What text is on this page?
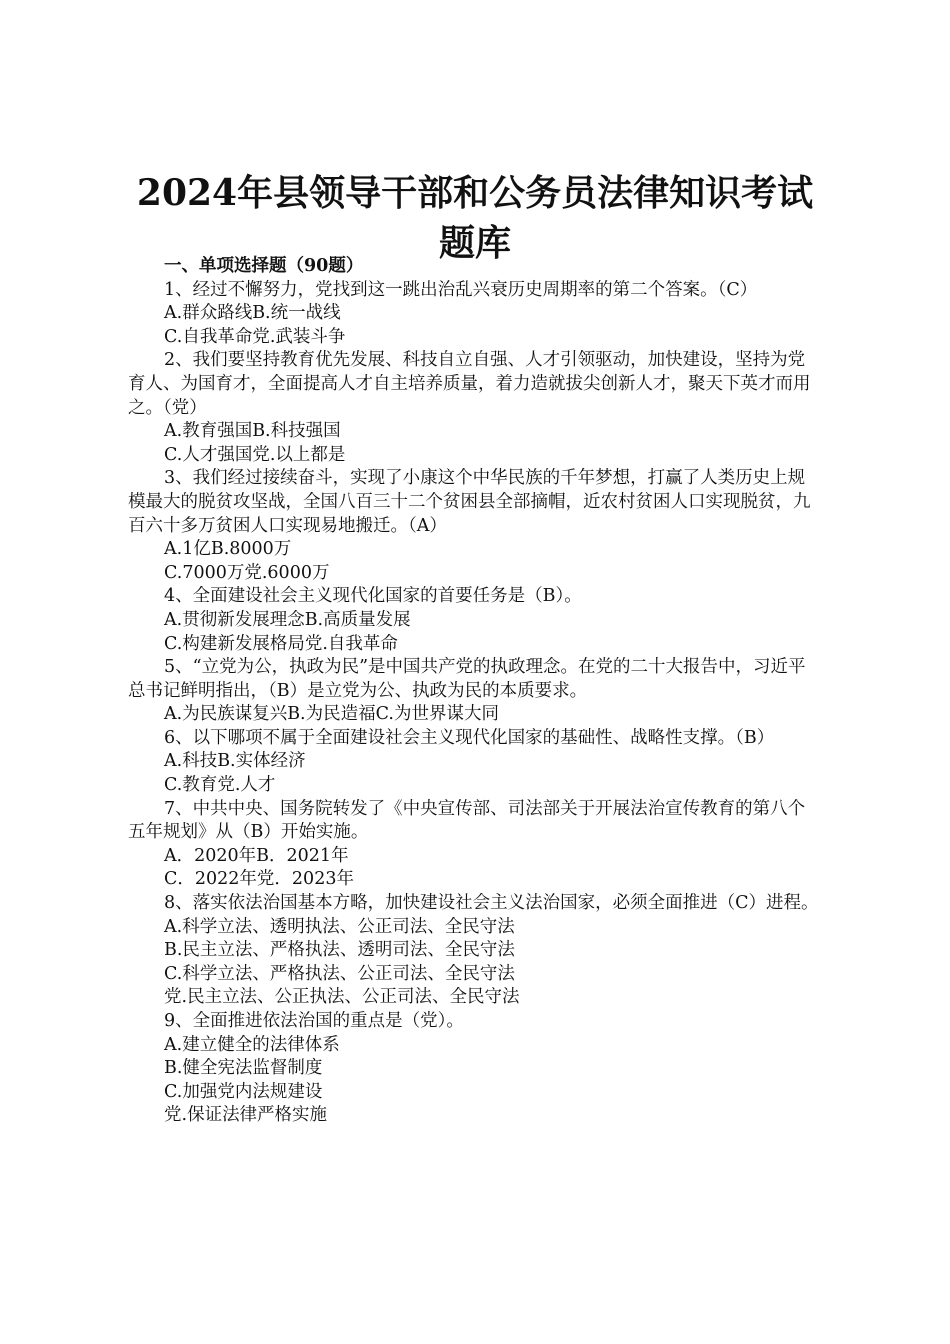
2024年县领导干部和公务员法律知识考试题库

一、单项选择题（90题）

1、经过不懈努力，党找到这一跳出治乱兴衰历史周期率的第二个答案。（C）

A.群众路线B.统一战线

C.自我革命党.武装斗争

2、我们要坚持教育优先发展、科技自立自强、人才引领驱动，加快建设，坚持为党育人、为国育才，全面提高人才自主培养质量，着力造就拔尖创新人才，聚天下英才而用之。（党）

A.教育强国B.科技强国

C.人才强国党.以上都是

3、我们经过接续奋斗，实现了小康这个中华民族的千年梦想，打赢了人类历史上规模最大的脱贫攻坚战，全国八百三十二个贫困县全部摘帽，近农村贫困人口实现脱贫，九百六十多万贫困人口实现易地搬迁。（A）

A.1亿B.8000万

C.7000万党.6000万

4、全面建设社会主义现代化国家的首要任务是（B）。

A.贯彻新发展理念B.高质量发展

C.构建新发展格局党.自我革命

5、“立党为公，执政为民”是中国共产党的执政理念。在党的二十大报告中，习近平总书记鲜明指出，（B）是立党为公、执政为民的本质要求。

A.为民族谋复兴B.为民造福C.为世界谋大同

6、以下哪项不属于全面建设社会主义现代化国家的基础性、战略性支撑。（B）

A.科技B.实体经济

C.教育党.人才

7、中共中央、国务院转发了《中央宣传部、司法部关于开展法治宣传教育的第八个五年规划》从（B）开始实施。

A．2020年B．2021年

C．2022年党．2023年

8、落实依法治国基本方略，加快建设社会主义法治国家，必须全面推进（C）进程。

A.科学立法、透明执法、公正司法、全民守法

B.民主立法、严格执法、透明司法、全民守法

C.科学立法、严格执法、公正司法、全民守法

党.民主立法、公正执法、公正司法、全民守法

9、全面推进依法治国的重点是（党）。

A.建立健全的法律体系

B.健全宪法监督制度

C.加强党内法规建设

党.保证法律严格实施
